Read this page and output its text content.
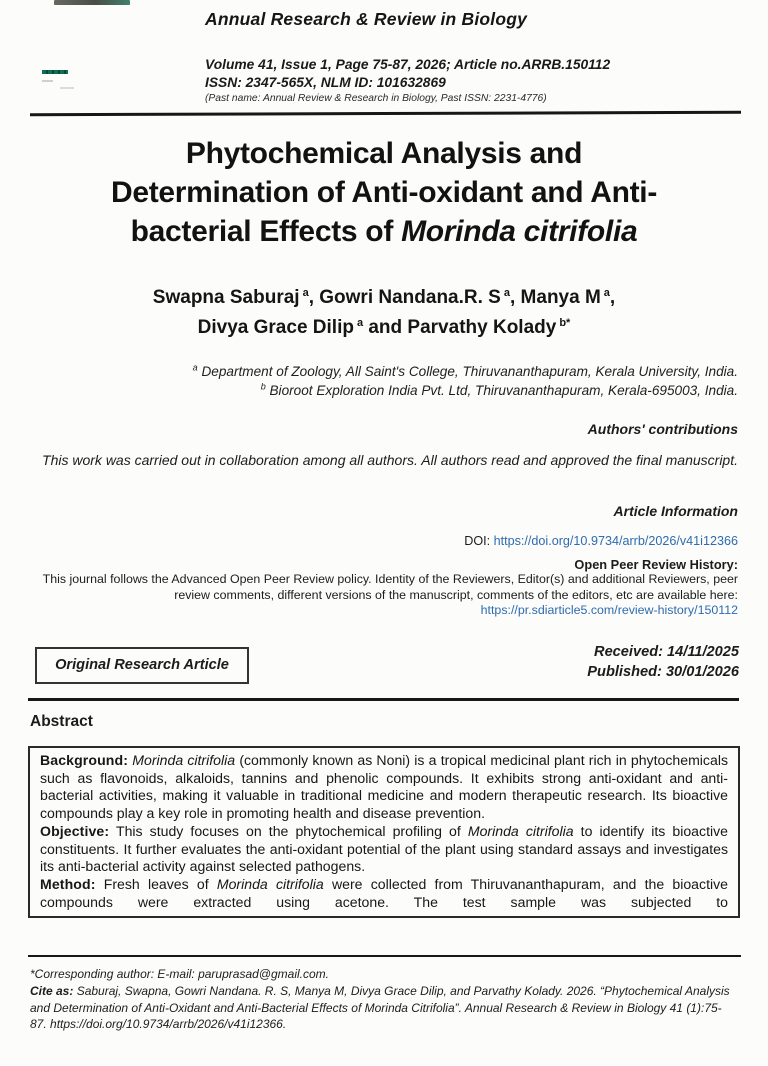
Annual Research & Review in Biology
Volume 41, Issue 1, Page 75-87, 2026; Article no.ARRB.150112
ISSN: 2347-565X, NLM ID: 101632869
(Past name: Annual Review & Research in Biology, Past ISSN: 2231-4776)
Phytochemical Analysis and
Determination of Anti-oxidant and Anti-
bacterial Effects of Morinda citrifolia
Swapna Saburaj $^a$, Gowri Nandana.R. S $^a$, Manya M $^a$,
Divya Grace Dilip $^a$ and Parvathy Kolady $^{b*}$
$^a$ Department of Zoology, All Saint's College, Thiruvananthapuram, Kerala University, India.
$^b$ Bioroot Exploration India Pvt. Ltd, Thiruvananthapuram, Kerala-695003, India.
Authors' contributions
This work was carried out in collaboration among all authors. All authors read and approved the final manuscript.
Article Information
DOI: https://doi.org/10.9734/arrb/2026/v41i12366
Open Peer Review History:
This journal follows the Advanced Open Peer Review policy. Identity of the Reviewers, Editor(s) and additional Reviewers, peer review comments, different versions of the manuscript, comments of the editors, etc are available here:
https://pr.sdiarticle5.com/review-history/150112
Original Research Article
Received: 14/11/2025
Published: 30/01/2026
Abstract

Background: Morinda citrifolia (commonly known as Noni) is a tropical medicinal plant rich in phytochemicals such as flavonoids, alkaloids, tannins and phenolic compounds. It exhibits strong anti-oxidant and anti-bacterial activities, making it valuable in traditional medicine and modern therapeutic research. Its bioactive compounds play a key role in promoting health and disease prevention.

Objective: This study focuses on the phytochemical profiling of Morinda citrifolia to identify its bioactive constituents. It further evaluates the anti-oxidant potential of the plant using standard assays and investigates its anti-bacterial activity against selected pathogens.

Method: Fresh leaves of Morinda citrifolia were collected from Thiruvananthapuram, and the bioactive compounds were extracted using acetone. The test sample was subjected to

*Corresponding author: E-mail: paruprasad@gmail.com.
Cite as: Saburaj, Swapna, Gowri Nandana. R. S, Manya M, Divya Grace Dilip, and Parvathy Kolady. 2026. “Phytochemical Analysis and Determination of Anti-Oxidant and Anti-Bacterial Effects of Morinda Citrifolia”. Annual Research & Review in Biology 41 (1):75-87. https://doi.org/10.9734/arrb/2026/v41i12366.
